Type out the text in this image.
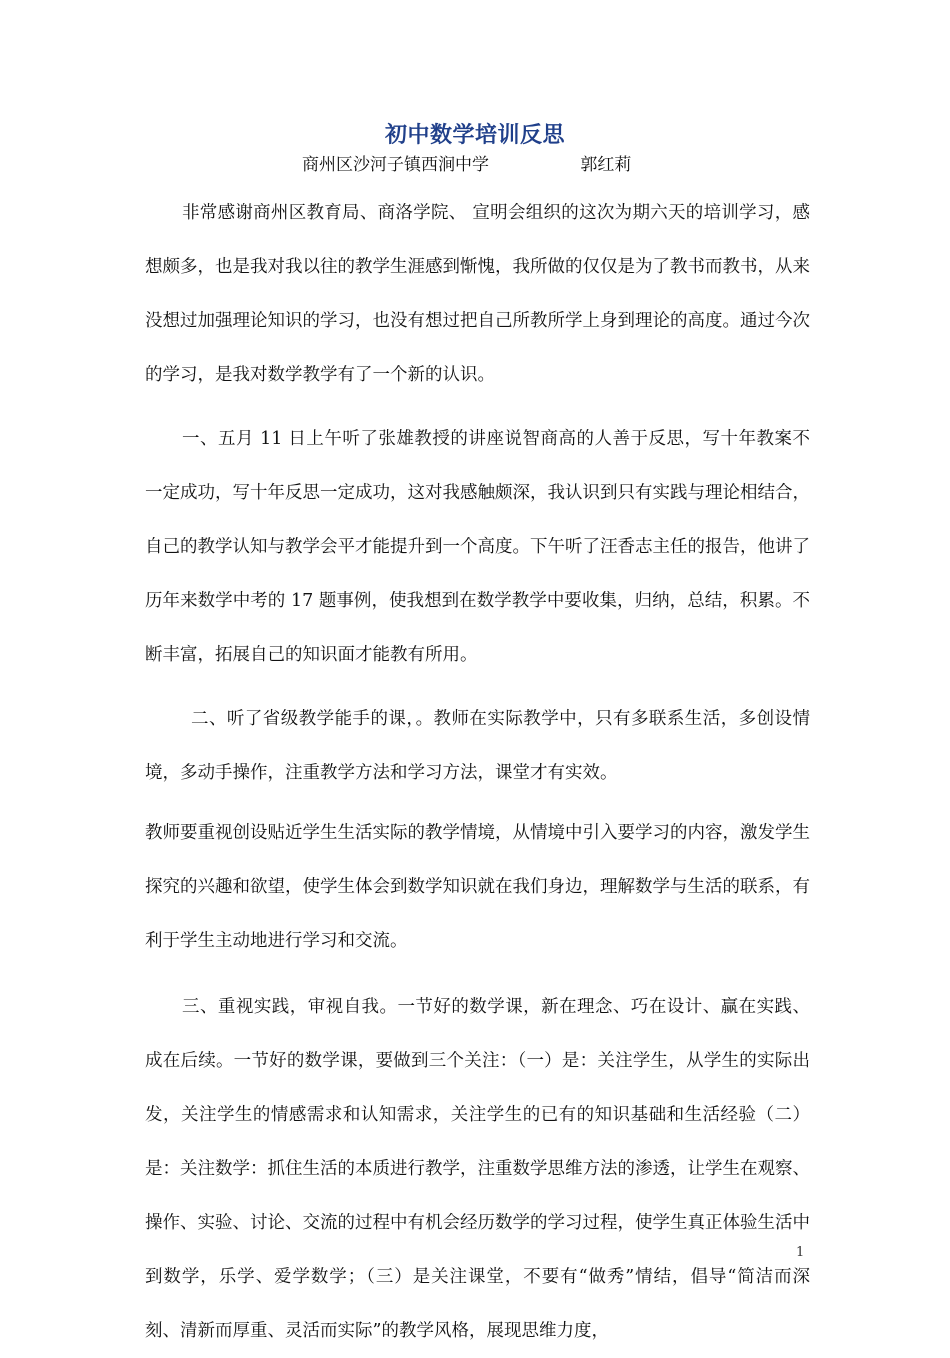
初中数学培训反思
商州区沙河子镇西涧中学	郭红莉

非常感谢商州区教育局、商洛学院、 宣明会组织的这次为期六天的培训学习，感想颇多，也是我对我以往的教学生涯感到惭愧，我所做的仅仅是为了教书而教书，从来没想过加强理论知识的学习，也没有想过把自己所教所学上身到理论的高度。通过今次的学习，是我对数学教学有了一个新的认识。

一、五月 11 日上午听了张雄教授的讲座说智商高的人善于反思，写十年教案不一定成功，写十年反思一定成功，这对我感触颇深，我认识到只有实践与理论相结合，自己的教学认知与教学会平才能提升到一个高度。下午听了汪香志主任的报告，他讲了历年来数学中考的 17 题事例，使我想到在数学教学中要收集，归纳，总结，积累。不断丰富，拓展自己的知识面才能教有所用。

二、听了省级教学能手的课，。教师在实际教学中，只有多联系生活，多创设情境，多动手操作，注重教学方法和学习方法，课堂才有实效。

教师要重视创设贴近学生生活实际的教学情境，从情境中引入要学习的内容，激发学生探究的兴趣和欲望，使学生体会到数学知识就在我们身边，理解数学与生活的联系，有利于学生主动地进行学习和交流。

三、重视实践，审视自我。一节好的数学课，新在理念、巧在设计、赢在实践、成在后续。一节好的数学课，要做到三个关注：（一）是：关注学生，从学生的实际出发，关注学生的情感需求和认知需求，关注学生的已有的知识基础和生活经验（二）是：关注数学：抓住生活的本质进行教学，注重数学思维方法的渗透，让学生在观察、操作、实验、讨论、交流的过程中有机会经历数学的学习过程，使学生真正体验生活中到数学，乐学、爱学数学；（三）是关注课堂，不要有“做秀”情结，倡导“简洁而深刻、清新而厚重、灵活而实际”的教学风格，展现思维力度，

1
